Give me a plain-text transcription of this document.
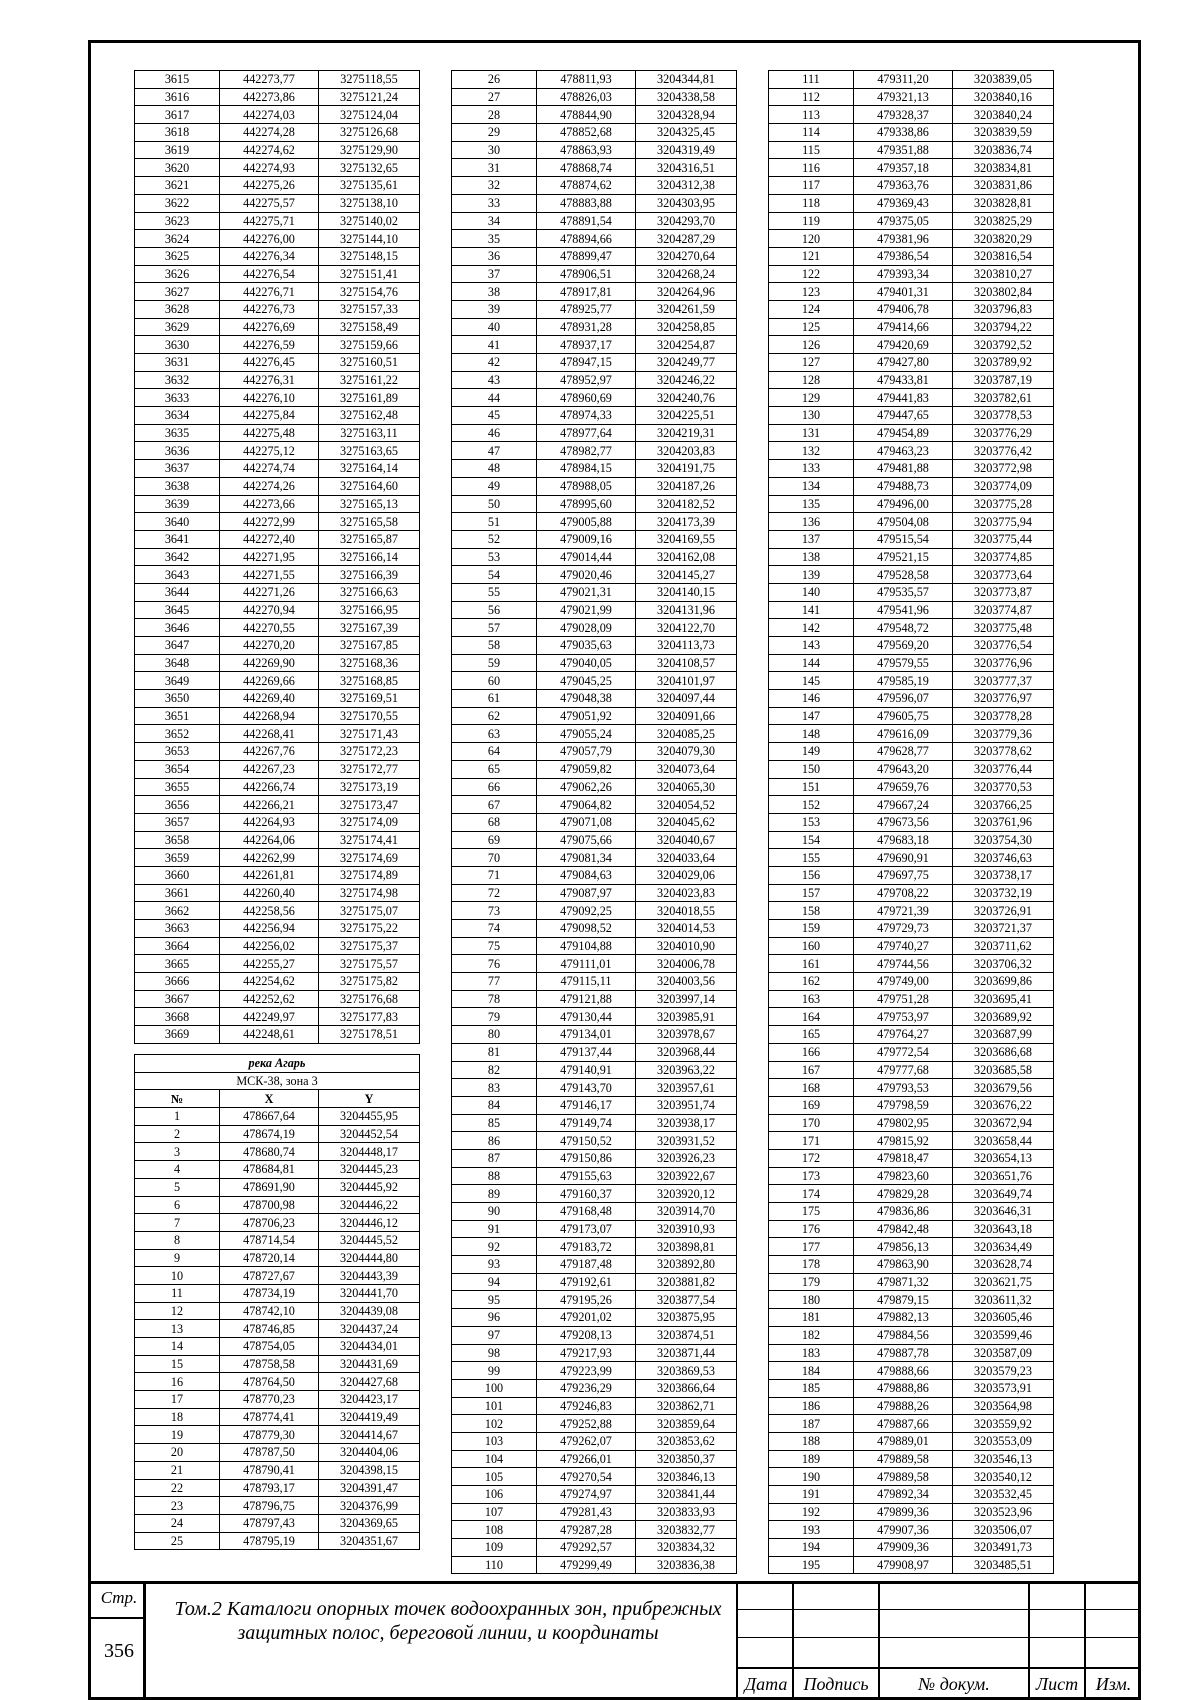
3615	442273,77	3275118,55
3616	442273,86	3275121,24
3617	442274,03	3275124,04
3618	442274,28	3275126,68
3619	442274,62	3275129,90
3620	442274,93	3275132,65
3621	442275,26	3275135,61
3622	442275,57	3275138,10
3623	442275,71	3275140,02
3624	442276,00	3275144,10
3625	442276,34	3275148,15
3626	442276,54	3275151,41
3627	442276,71	3275154,76
3628	442276,73	3275157,33
3629	442276,69	3275158,49
3630	442276,59	3275159,66
3631	442276,45	3275160,51
3632	442276,31	3275161,22
3633	442276,10	3275161,89
3634	442275,84	3275162,48
3635	442275,48	3275163,11
3636	442275,12	3275163,65
3637	442274,74	3275164,14
3638	442274,26	3275164,60
3639	442273,66	3275165,13
3640	442272,99	3275165,58
3641	442272,40	3275165,87
3642	442271,95	3275166,14
3643	442271,55	3275166,39
3644	442271,26	3275166,63
3645	442270,94	3275166,95
3646	442270,55	3275167,39
3647	442270,20	3275167,85
3648	442269,90	3275168,36
3649	442269,66	3275168,85
3650	442269,40	3275169,51
3651	442268,94	3275170,55
3652	442268,41	3275171,43
3653	442267,76	3275172,23
3654	442267,23	3275172,77
3655	442266,74	3275173,19
3656	442266,21	3275173,47
3657	442264,93	3275174,09
3658	442264,06	3275174,41
3659	442262,99	3275174,69
3660	442261,81	3275174,89
3661	442260,40	3275174,98
3662	442258,56	3275175,07
3663	442256,94	3275175,22
3664	442256,02	3275175,37
3665	442255,27	3275175,57
3666	442254,62	3275175,82
3667	442252,62	3275176,68
3668	442249,97	3275177,83
3669	442248,61	3275178,51
26	478811,93	3204344,81
27	478826,03	3204338,58
28	478844,90	3204328,94
29	478852,68	3204325,45
30	478863,93	3204319,49
31	478868,74	3204316,51
32	478874,62	3204312,38
33	478883,88	3204303,95
34	478891,54	3204293,70
35	478894,66	3204287,29
36	478899,47	3204270,64
37	478906,51	3204268,24
38	478917,81	3204264,96
39	478925,77	3204261,59
40	478931,28	3204258,85
41	478937,17	3204254,87
42	478947,15	3204249,77
43	478952,97	3204246,22
44	478960,69	3204240,76
45	478974,33	3204225,51
46	478977,64	3204219,31
47	478982,77	3204203,83
48	478984,15	3204191,75
49	478988,05	3204187,26
50	478995,60	3204182,52
51	479005,88	3204173,39
52	479009,16	3204169,55
53	479014,44	3204162,08
54	479020,46	3204145,27
55	479021,31	3204140,15
56	479021,99	3204131,96
57	479028,09	3204122,70
58	479035,63	3204113,73
59	479040,05	3204108,57
60	479045,25	3204101,97
61	479048,38	3204097,44
62	479051,92	3204091,66
63	479055,24	3204085,25
64	479057,79	3204079,30
65	479059,82	3204073,64
66	479062,26	3204065,30
67	479064,82	3204054,52
68	479071,08	3204045,62
69	479075,66	3204040,67
70	479081,34	3204033,64
71	479084,63	3204029,06
72	479087,97	3204023,83
73	479092,25	3204018,55
74	479098,52	3204014,53
75	479104,88	3204010,90
76	479111,01	3204006,78
77	479115,11	3204003,56
78	479121,88	3203997,14
79	479130,44	3203985,91
80	479134,01	3203978,67
81	479137,44	3203968,44
82	479140,91	3203963,22
83	479143,70	3203957,61
84	479146,17	3203951,74
85	479149,74	3203938,17
86	479150,52	3203931,52
87	479150,86	3203926,23
88	479155,63	3203922,67
89	479160,37	3203920,12
90	479168,48	3203914,70
91	479173,07	3203910,93
92	479183,72	3203898,81
93	479187,48	3203892,80
94	479192,61	3203881,82
95	479195,26	3203877,54
96	479201,02	3203875,95
97	479208,13	3203874,51
98	479217,93	3203871,44
99	479223,99	3203869,53
100	479236,29	3203866,64
101	479246,83	3203862,71
102	479252,88	3203859,64
103	479262,07	3203853,62
104	479266,01	3203850,37
105	479270,54	3203846,13
106	479274,97	3203841,44
107	479281,43	3203833,93
108	479287,28	3203832,77
109	479292,57	3203834,32
110	479299,49	3203836,38
111	479311,20	3203839,05
112	479321,13	3203840,16
113	479328,37	3203840,24
114	479338,86	3203839,59
115	479351,88	3203836,74
116	479357,18	3203834,81
117	479363,76	3203831,86
118	479369,43	3203828,81
119	479375,05	3203825,29
120	479381,96	3203820,29
121	479386,54	3203816,54
122	479393,34	3203810,27
123	479401,31	3203802,84
124	479406,78	3203796,83
125	479414,66	3203794,22
126	479420,69	3203792,52
127	479427,80	3203789,92
128	479433,81	3203787,19
129	479441,83	3203782,61
130	479447,65	3203778,53
131	479454,89	3203776,29
132	479463,23	3203776,42
133	479481,88	3203772,98
134	479488,73	3203774,09
135	479496,00	3203775,28
136	479504,08	3203775,94
137	479515,54	3203775,44
138	479521,15	3203774,85
139	479528,58	3203773,64
140	479535,57	3203773,87
141	479541,96	3203774,87
142	479548,72	3203775,48
143	479569,20	3203776,54
144	479579,55	3203776,96
145	479585,19	3203777,37
146	479596,07	3203776,97
147	479605,75	3203778,28
148	479616,09	3203779,36
149	479628,77	3203778,62
150	479643,20	3203776,44
151	479659,76	3203770,53
152	479667,24	3203766,25
153	479673,56	3203761,96
154	479683,18	3203754,30
155	479690,91	3203746,63
156	479697,75	3203738,17
157	479708,22	3203732,19
158	479721,39	3203726,91
159	479729,73	3203721,37
160	479740,27	3203711,62
161	479744,56	3203706,32
162	479749,00	3203699,86
163	479751,28	3203695,41
164	479753,97	3203689,92
165	479764,27	3203687,99
166	479772,54	3203686,68
167	479777,68	3203685,58
168	479793,53	3203679,56
169	479798,59	3203676,22
170	479802,95	3203672,94
171	479815,92	3203658,44
172	479818,47	3203654,13
173	479823,60	3203651,76
174	479829,28	3203649,74
175	479836,86	3203646,31
176	479842,48	3203643,18
177	479856,13	3203634,49
178	479863,90	3203628,74
179	479871,32	3203621,75
180	479879,15	3203611,32
181	479882,13	3203605,46
182	479884,56	3203599,46
183	479887,78	3203587,09
184	479888,66	3203579,23
185	479888,86	3203573,91
186	479888,26	3203564,98
187	479887,66	3203559,92
188	479889,01	3203553,09
189	479889,58	3203546,13
190	479889,58	3203540,12
191	479892,34	3203532,45
192	479899,36	3203523,96
193	479907,36	3203506,07
194	479909,36	3203491,73
195	479908,97	3203485,51
река Агарь		
МСК-38, зона 3		
№	X	Y
1	478667,64	3204455,95
2	478674,19	3204452,54
3	478680,74	3204448,17
4	478684,81	3204445,23
5	478691,90	3204445,92
6	478700,98	3204446,22
7	478706,23	3204446,12
8	478714,54	3204445,52
9	478720,14	3204444,80
10	478727,67	3204443,39
11	478734,19	3204441,70
12	478742,10	3204439,08
13	478746,85	3204437,24
14	478754,05	3204434,01
15	478758,58	3204431,69
16	478764,50	3204427,68
17	478770,23	3204423,17
18	478774,41	3204419,49
19	478779,30	3204414,67
20	478787,50	3204404,06
21	478790,41	3204398,15
22	478793,17	3204391,47
23	478796,75	3204376,99
24	478797,43	3204369,65
25	478795,19	3204351,67
Дата Подпись	№ докум.	Лист Изм.
Стр.
356
Том.2 Каталоги опорных точек водоохранных зон, прибрежных защитных полос, береговой линии, и координаты
